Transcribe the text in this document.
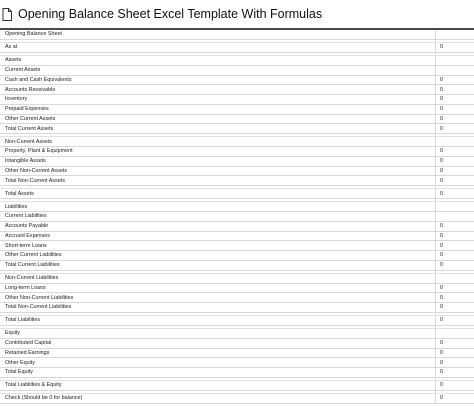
Opening Balance Sheet Excel Template With Formulas
Opening Balance Sheet
As at	0
Assets
Current Assets
Cash and Cash Equivalents	0
Accounts Receivable	0
Inventory	0
Prepaid Expenses	0
Other Current Assets	0
Total Current Assets	0
Non-Current Assets
Property, Plant & Equipment	0
Intangible Assets	0
Other Non-Current Assets	0
Total Non-Current Assets	0
Total Assets	0
Liabilities
Current Liabilities
Accounts Payable	0
Accrued Expenses	0
Short-term Loans	0
Other Current Liabilities	0
Total Current Liabilities	0
Non-Current Liabilities
Long-term Loans	0
Other Non-Current Liabilities	0
Total Non-Current Liabilities	0
Total Liabilities	0
Equity
Contributed Capital	0
Retained Earnings	0
Other Equity	0
Total Equity	0
Total Liabilities & Equity	0
Check (Should be 0 for balance)	0
